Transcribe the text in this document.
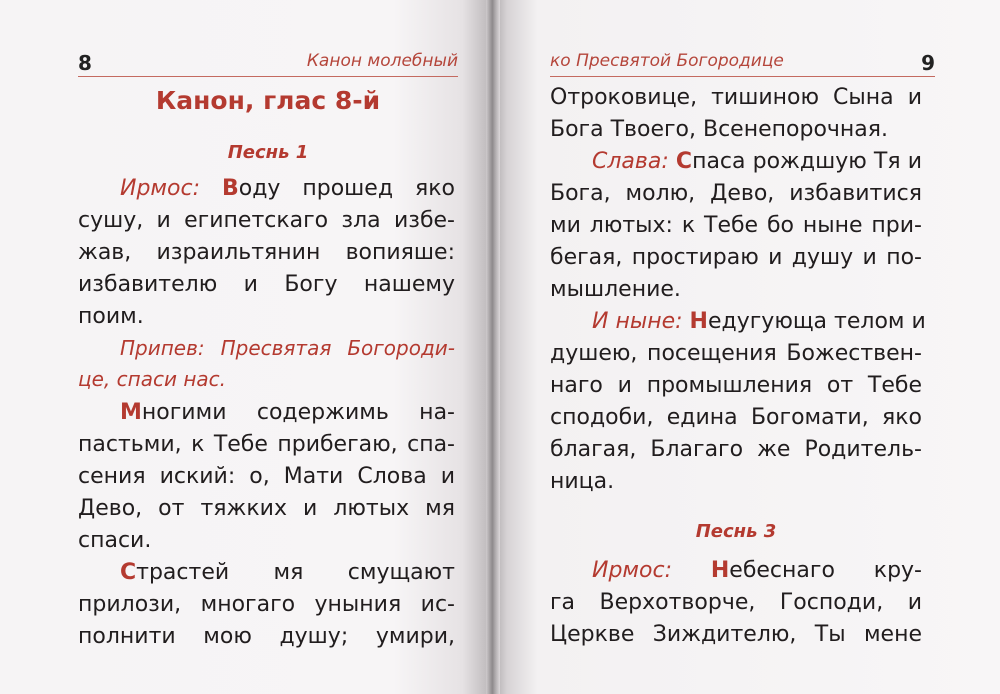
8	Канон молебный
Канон, глас 8-й
Песнь 1
Ирмос: Воду прошед яко
сушу, и египетскаго зла избе-
жав, израильтянин вопияше:
избавителю и Богу нашему
поим.
Припев: Пресвятая Богороди-
це, спаси нас.
Многими содержимь на-
пастьми, к Тебе прибегаю, спа-
сения иский: о, Мати Слова и
Дево, от тяжких и лютых мя
спаси.
Страстей мя смущают
прилози, многаго уныния ис-
полнити мою душу; умири,
ко Пресвятой Богородице	9
Отроковице, тишиною Сына и
Бога Твоего, Всенепорочная.
Слава: Спаса рождшую Тя и
Бога, молю, Дево, избавитися
ми лютых: к Тебе бо ныне при-
бегая, простираю и душу и по-
мышление.
И ныне: Недугующа телом и
душею, посещения Божествен-
наго и промышления от Тебе
сподоби, едина Богомати, яко
благая, Благаго же Родитель-
ница.
Песнь 3
Ирмос: Небеснаго кру-
га Верхотворче, Господи, и
Церкве Зиждителю, Ты мене
